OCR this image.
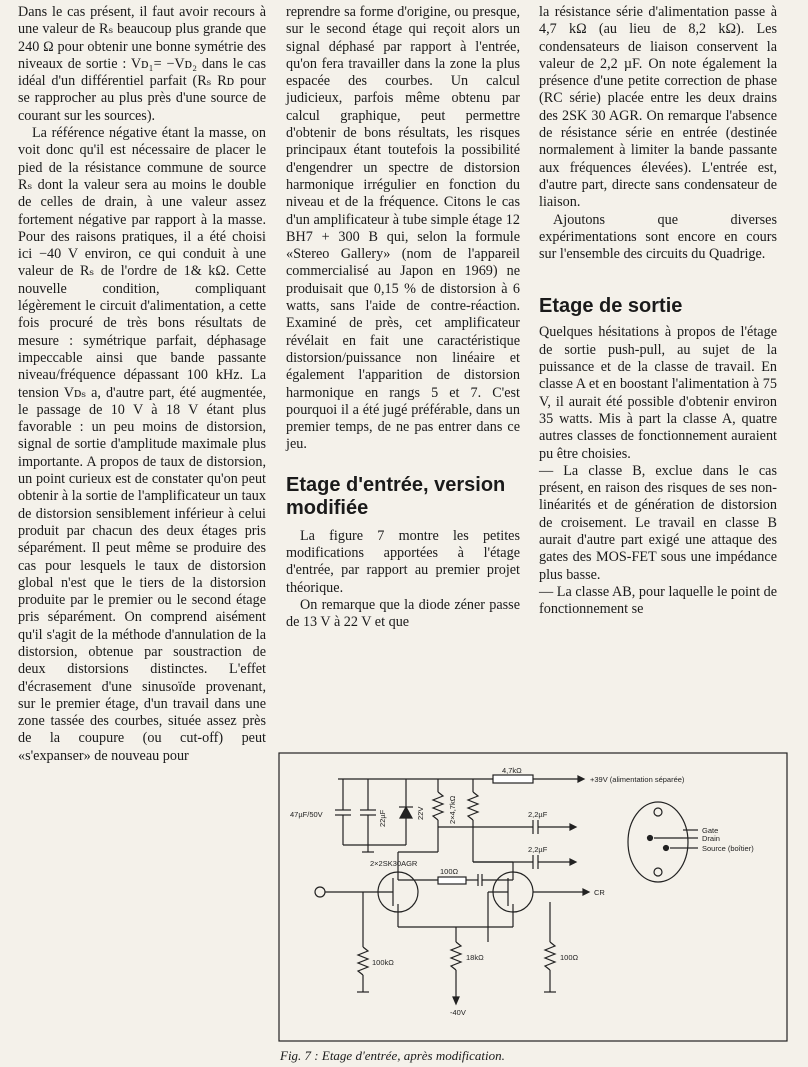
Dans le cas présent, il faut avoir recours à une valeur de Rₛ beaucoup plus grande que 240 Ω pour obtenir une bonne symétrie des niveaux de sortie : Vᴅ₁= −Vᴅ₂ dans le cas idéal d'un différentiel parfait (Rₛ Rᴅ pour se rapprocher au plus près d'une source de courant sur les sources).

La référence négative étant la masse, on voit donc qu'il est nécessaire de placer le pied de la résistance commune de source Rₛ dont la valeur sera au moins le double de celles de drain, à une valeur assez fortement négative par rapport à la masse. Pour des raisons pratiques, il a été choisi ici −40 V environ, ce qui conduit à une valeur de Rₛ de l'ordre de 1& kΩ. Cette nouvelle condition, compliquant légèrement le circuit d'alimentation, a cette fois procuré de très bons résultats de mesure : symétrique parfait, déphasage impeccable ainsi que bande passante niveau/fréquence dépassant 100 kHz. La tension Vᴅₛ a, d'autre part, été augmentée, le passage de 10 V à 18 V étant plus favorable : un peu moins de distorsion, signal de sortie d'amplitude maximale plus importante. A propos de taux de distorsion, un point curieux est de constater qu'on peut obtenir à la sortie de l'amplificateur un taux de distorsion sensiblement inférieur à celui produit par chacun des deux étages pris séparément. Il peut même se produire des cas pour lesquels le taux de distorsion global n'est que le tiers de la distorsion produite par le premier ou le second étage pris séparément. On comprend aisément qu'il s'agit de la méthode d'annulation de la distorsion, obtenue par soustraction de deux distorsions distinctes. L'effet d'écrasement d'une sinusoïde provenant, sur le premier étage, d'un travail dans une zone tassée des courbes, située assez près de la coupure (ou cut-off) peut «s'expanser» de nouveau pour

reprendre sa forme d'origine, ou presque, sur le second étage qui reçoit alors un signal déphasé par rapport à l'entrée, qu'on fera travailler dans la zone la plus espacée des courbes. Un calcul judicieux, parfois même obtenu par calcul graphique, peut permettre d'obtenir de bons résultats, les risques principaux étant toutefois la possibilité d'engendrer un spectre de distorsion harmonique irrégulier en fonction du niveau et de la fréquence. Citons le cas d'un amplificateur à tube simple étage 12 BH7 + 300 B qui, selon la formule «Stereo Gallery» (nom de l'appareil commercialisé au Japon en 1969) ne produisait que 0,15 % de distorsion à 6 watts, sans l'aide de contre-réaction. Examiné de près, cet amplificateur révélait en fait une caractéristique distorsion/puissance non linéaire et également l'apparition de distorsion harmonique en rangs 5 et 7. C'est pourquoi il a été jugé préférable, dans un premier temps, de ne pas entrer dans ce jeu.

Etage d'entrée, version modifiée

La figure 7 montre les petites modifications apportées à l'étage d'entrée, par rapport au premier projet théorique.

On remarque que la diode zéner passe de 13 V à 22 V et que

la résistance série d'alimentation passe à 4,7 kΩ (au lieu de 8,2 kΩ). Les condensateurs de liaison conservent la valeur de 2,2 µF. On note également la présence d'une petite correction de phase (RC série) placée entre les deux drains des 2SK 30 AGR. On remarque l'absence de résistance série en entrée (destinée normalement à limiter la bande passante aux fréquences élevées). L'entrée est, d'autre part, directe sans condensateur de liaison.

Ajoutons que diverses expérimentations sont encore en cours sur l'ensemble des circuits du Quadrige.

Etage de sortie

Quelques hésitations à propos de l'étage de sortie push-pull, au sujet de la puissance et de la classe de travail. En classe A et en boostant l'alimentation à 75 V, il aurait été possible d'obtenir environ 35 watts. Mis à part la classe A, quatre autres classes de fonctionnement auraient pu être choisies.

— La classe B, exclue dans le cas présent, en raison des risques de ses non-linéarités et de génération de distorsion de croisement. Le travail en classe B aurait d'autre part exigé une attaque des gates des MOS-FET sous une impédance plus basse.

— La classe AB, pour laquelle le point de fonctionnement se

4,7kΩ
+39V (alimentation séparée)
47µF/50V	22µF	22V	2×4,7kΩ	2,2µF
2,2µF
2×2SK30AGR
100Ω
100kΩ
18kΩ	100Ω
-40V
CR
Gate
Drain
Source (boîtier)
Fig. 7 : Etage d'entrée, après modification.
